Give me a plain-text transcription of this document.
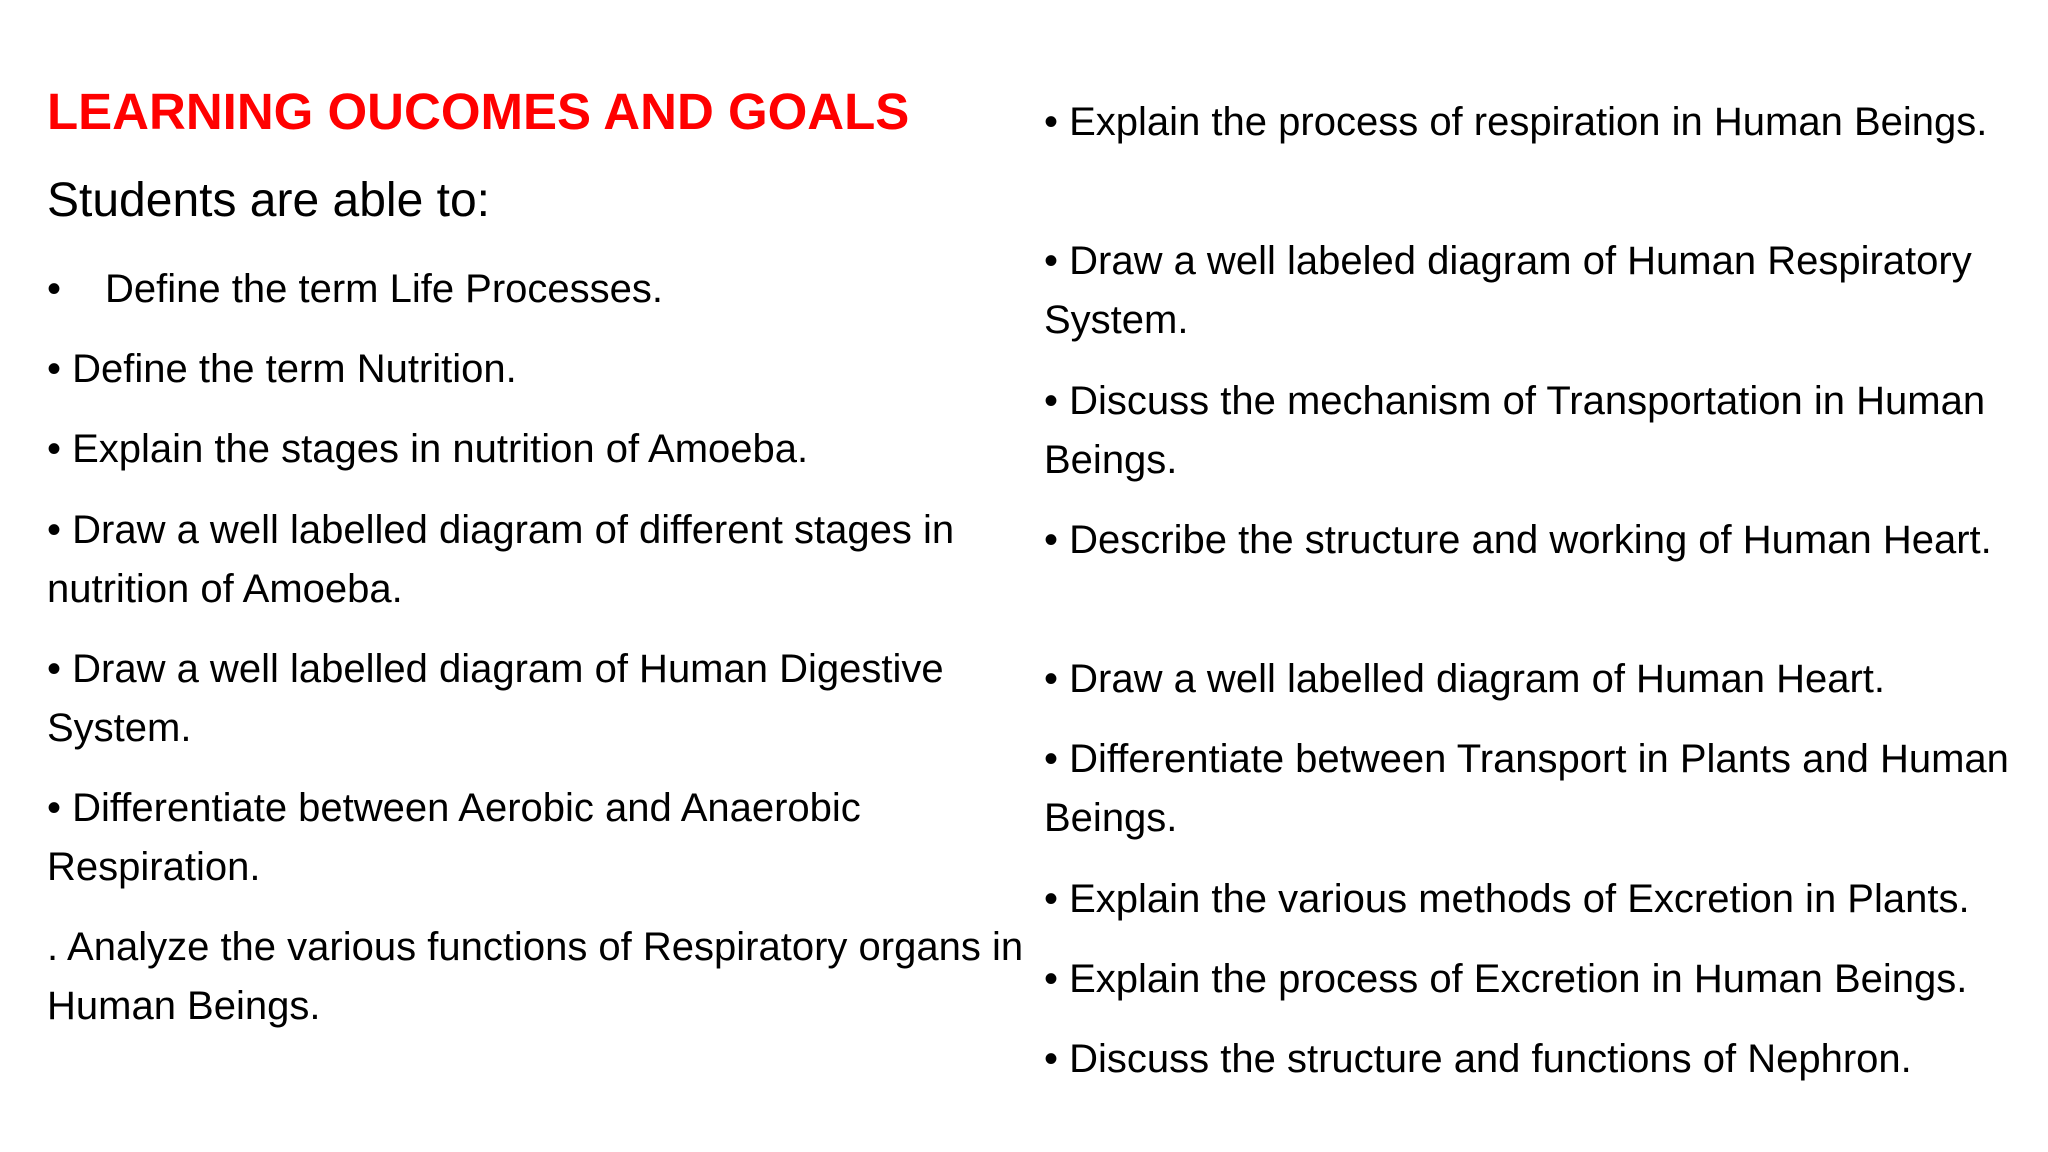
LEARNING OUCOMES AND GOALS

Students are able to:

• Define the term Life Processes.

• Define the term Nutrition.

• Explain the stages in nutrition of Amoeba.

• Draw a well labelled diagram of different stages in nutrition of Amoeba.

• Draw a well labelled diagram of Human Digestive System.

• Differentiate between Aerobic and Anaerobic Respiration.

. Analyze the various functions of Respiratory organs in Human Beings.

• Explain the process of respiration in Human Beings.

• Draw a well labeled diagram of Human Respiratory System.

• Discuss the mechanism of Transportation in Human Beings.

• Describe the structure and working of Human Heart.

• Draw a well labelled diagram of Human Heart.

• Differentiate between Transport in Plants and Human Beings.

• Explain the various methods of Excretion in Plants.

• Explain the process of Excretion in Human Beings.

• Discuss the structure and functions of Nephron.
